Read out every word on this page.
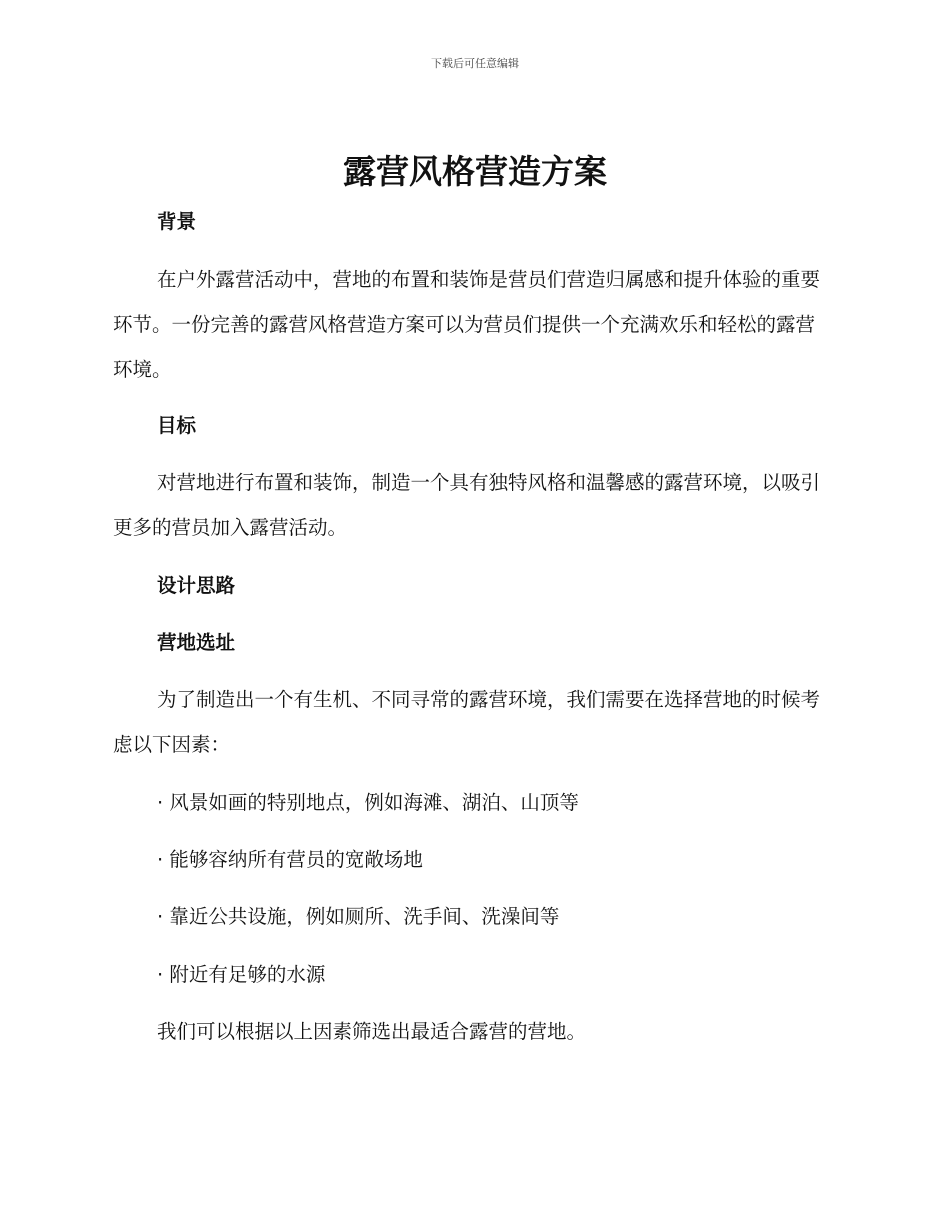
下载后可任意编辑
露营风格营造方案
背景
在户外露营活动中，营地的布置和装饰是营员们营造归属感和提升体验的重要环节。一份完善的露营风格营造方案可以为营员们提供一个充满欢乐和轻松的露营环境。
目标
对营地进行布置和装饰，制造一个具有独特风格和温馨感的露营环境，以吸引更多的营员加入露营活动。
设计思路
营地选址
为了制造出一个有生机、不同寻常的露营环境，我们需要在选择营地的时候考虑以下因素：
· 风景如画的特别地点，例如海滩、湖泊、山顶等
· 能够容纳所有营员的宽敞场地
· 靠近公共设施，例如厕所、洗手间、洗澡间等
· 附近有足够的水源
我们可以根据以上因素筛选出最适合露营的营地。
